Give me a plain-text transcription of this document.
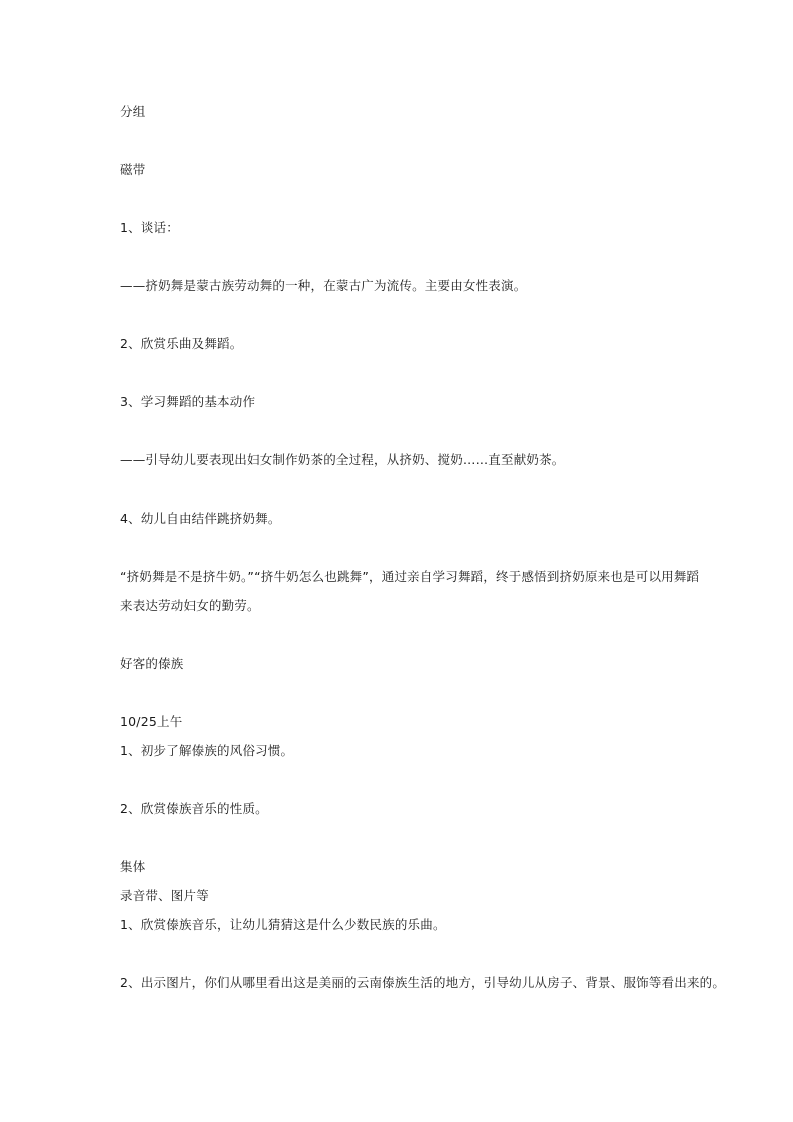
分组
磁带
1、谈话：
——挤奶舞是蒙古族劳动舞的一种，在蒙古广为流传。主要由女性表演。
2、欣赏乐曲及舞蹈。
3、学习舞蹈的基本动作
——引导幼儿要表现出妇女制作奶茶的全过程，从挤奶、搅奶……直至献奶茶。
4、幼儿自由结伴跳挤奶舞。
“挤奶舞是不是挤牛奶。”“挤牛奶怎么也跳舞”，通过亲自学习舞蹈，终于感悟到挤奶原来也是可以用舞蹈
来表达劳动妇女的勤劳。
好客的傣族
10/25上午
1、初步了解傣族的风俗习惯。
2、欣赏傣族音乐的性质。
集体
录音带、图片等
1、欣赏傣族音乐，让幼儿猜猜这是什么少数民族的乐曲。
2、出示图片，你们从哪里看出这是美丽的云南傣族生活的地方，引导幼儿从房子、背景、服饰等看出来的。
